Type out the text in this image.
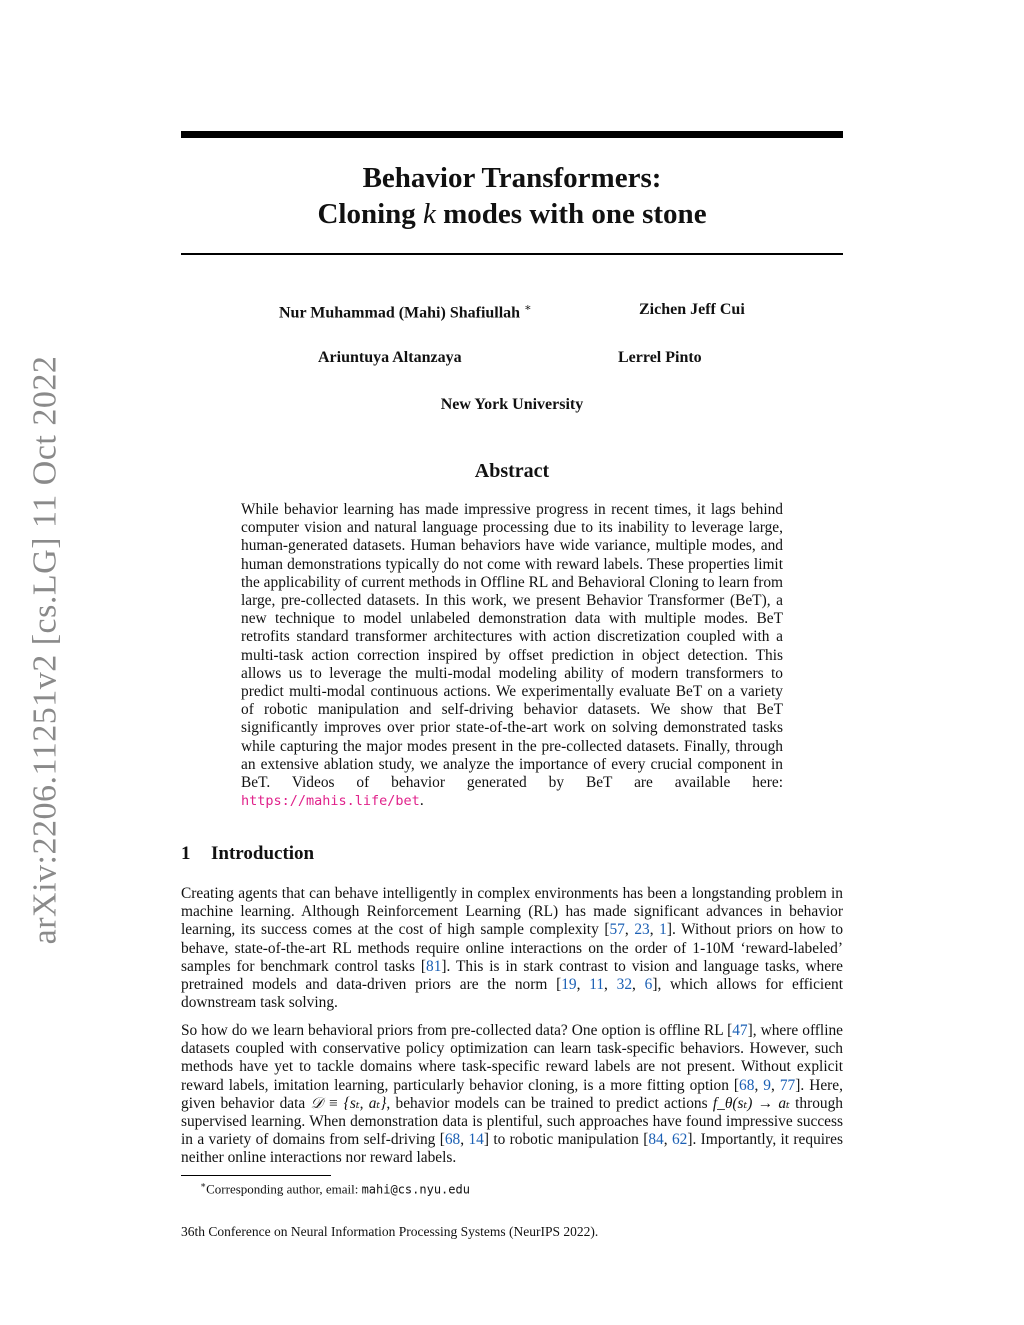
arXiv:2206.11251v2 [cs.LG] 11 Oct 2022
Behavior Transformers:
Cloning k modes with one stone
Nur Muhammad (Mahi) Shafiullah ∗	Zichen Jeff Cui
Ariuntuya Altanzaya	Lerrel Pinto
New York University
Abstract
While behavior learning has made impressive progress in recent times, it lags behind computer vision and natural language processing due to its inability to leverage large, human-generated datasets. Human behaviors have wide variance, multiple modes, and human demonstrations typically do not come with reward labels. These properties limit the applicability of current methods in Offline RL and Behavioral Cloning to learn from large, pre-collected datasets. In this work, we present Behavior Transformer (BeT), a new technique to model unlabeled demonstration data with multiple modes. BeT retrofits standard transformer architectures with action discretization coupled with a multi-task action correction inspired by offset prediction in object detection. This allows us to leverage the multi-modal modeling ability of modern transformers to predict multi-modal continuous actions. We experimentally evaluate BeT on a variety of robotic manipulation and self-driving behavior datasets. We show that BeT significantly improves over prior state-of-the-art work on solving demonstrated tasks while capturing the major modes present in the pre-collected datasets. Finally, through an extensive ablation study, we analyze the importance of every crucial component in BeT. Videos of behavior generated by BeT are available here: https://mahis.life/bet.
1 Introduction
Creating agents that can behave intelligently in complex environments has been a longstanding problem in machine learning. Although Reinforcement Learning (RL) has made significant advances in behavior learning, its success comes at the cost of high sample complexity [57, 23, 1]. Without priors on how to behave, state-of-the-art RL methods require online interactions on the order of 1-10M ‘reward-labeled’ samples for benchmark control tasks [81]. This is in stark contrast to vision and language tasks, where pretrained models and data-driven priors are the norm [19, 11, 32, 6], which allows for efficient downstream task solving.
So how do we learn behavioral priors from pre-collected data? One option is offline RL [47], where offline datasets coupled with conservative policy optimization can learn task-specific behaviors. However, such methods have yet to tackle domains where task-specific reward labels are not present. Without explicit reward labels, imitation learning, particularly behavior cloning, is a more fitting option [68, 9, 77]. Here, given behavior data 𝒟 ≡ {sₜ, aₜ}, behavior models can be trained to predict actions f_θ(sₜ) → aₜ through supervised learning. When demonstration data is plentiful, such approaches have found impressive success in a variety of domains from self-driving [68, 14] to robotic manipulation [84, 62]. Importantly, it requires neither online interactions nor reward labels.
∗Corresponding author, email: mahi@cs.nyu.edu
36th Conference on Neural Information Processing Systems (NeurIPS 2022).
